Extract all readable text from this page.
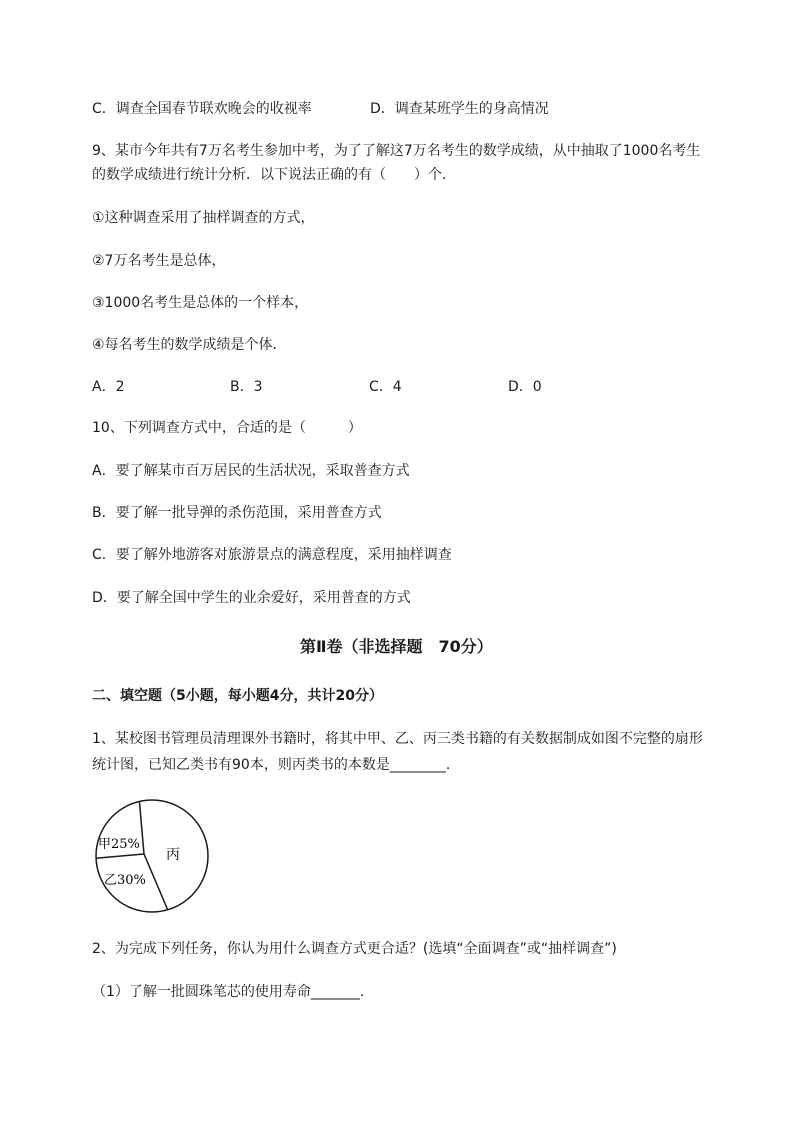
C．调查全国春节联欢晚会的收视率	D．调查某班学生的身高情况
9、某市今年共有7万名考生参加中考，为了了解这7万名考生的数学成绩，从中抽取了1000名考生
的数学成绩进行统计分析．以下说法正确的有（　　）个．
①这种调查采用了抽样调查的方式，
②7万名考生是总体，
③1000名考生是总体的一个样本，
④每名考生的数学成绩是个体．
A．2	B．3	C．4	D．0
10、下列调查方式中，合适的是（　　　）
A．要了解某市百万居民的生活状况，采取普查方式
B．要了解一批导弹的杀伤范围，采用普查方式
C．要了解外地游客对旅游景点的满意程度，采用抽样调查
D．要了解全国中学生的业余爱好，采用普查的方式
第Ⅱ卷（非选择题　70分）
二、填空题（5小题，每小题4分，共计20分）
1、某校图书管理员清理课外书籍时，将其中甲、乙、丙三类书籍的有关数据制成如图不完整的扇形
统计图，已知乙类书有90本，则丙类书的本数是________.
甲25%
乙30%
丙
2、为完成下列任务，你认为用什么调查方式更合适？(选填“全面调查”或“抽样调查”)
（1）了解一批圆珠笔芯的使用寿命_______.
